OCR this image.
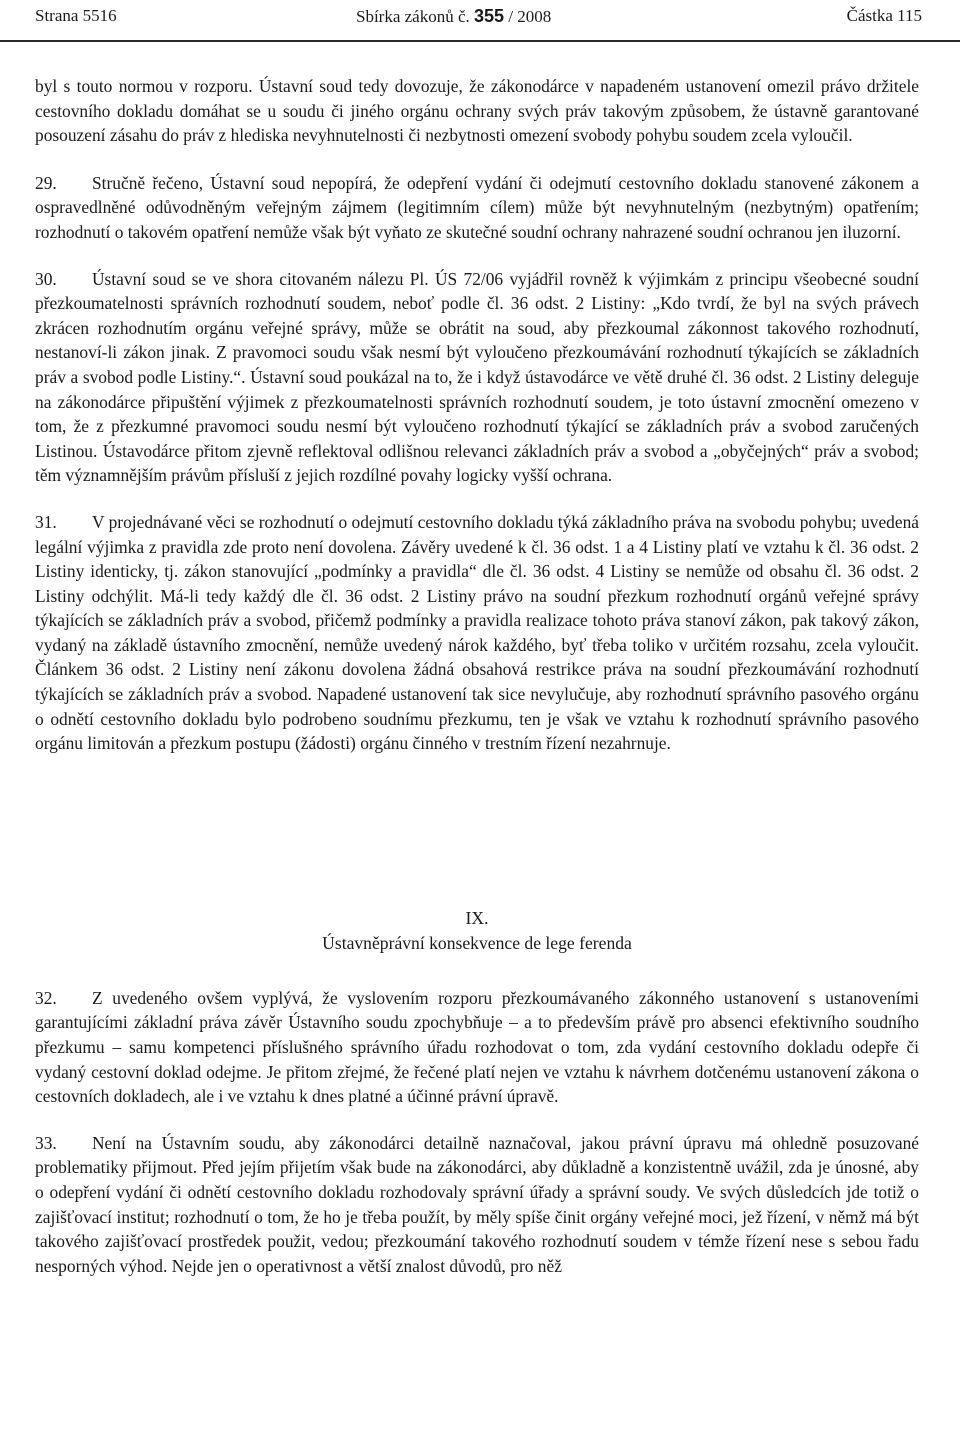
Strana 5516	Sbírka zákonů č. 355 / 2008	Částka 115

byl s touto normou v rozporu. Ústavní soud tedy dovozuje, že zákonodárce v napadeném ustanovení omezil právo držitele cestovního dokladu domáhat se u soudu či jiného orgánu ochrany svých práv takovým způsobem, že ústavně garantované posouzení zásahu do práv z hlediska nevyhnutelnosti či nezbytnosti omezení svobody pohybu soudem zcela vyloučil.

29. Stručně řečeno, Ústavní soud nepopírá, že odepření vydání či odejmutí cestovního dokladu stanovené zákonem a ospravedlněné odůvodněným veřejným zájmem (legitimním cílem) může být nevyhnutelným (nezbytným) opatřením; rozhodnutí o takovém opatření nemůže však být vyňato ze skutečné soudní ochrany nahrazené soudní ochranou jen iluzorní.

30. Ústavní soud se ve shora citovaném nálezu Pl. ÚS 72/06 vyjádřil rovněž k výjimkám z principu všeobecné soudní přezkoumatelnosti správních rozhodnutí soudem, neboť podle čl. 36 odst. 2 Listiny: „Kdo tvrdí, že byl na svých právech zkrácen rozhodnutím orgánu veřejné správy, může se obrátit na soud, aby přezkoumal zákonnost takového rozhodnutí, nestanoví-li zákon jinak. Z pravomoci soudu však nesmí být vyloučeno přezkoumávání rozhodnutí týkajících se základních práv a svobod podle Listiny.“. Ústavní soud poukázal na to, že i když ústavodárce ve větě druhé čl. 36 odst. 2 Listiny deleguje na zákonodárce připuštění výjimek z přezkoumatelnosti správních rozhodnutí soudem, je toto ústavní zmocnění omezeno v tom, že z přezkumné pravomoci soudu nesmí být vyloučeno rozhodnutí týkající se základních práv a svobod zaručených Listinou. Ústavodárce přitom zjevně reflektoval odlišnou relevanci základních práv a svobod a „obyčejných“ práv a svobod; těm významnějším právům přísluší z jejich rozdílné povahy logicky vyšší ochrana.

31. V projednávané věci se rozhodnutí o odejmutí cestovního dokladu týká základního práva na svobodu pohybu; uvedená legální výjimka z pravidla zde proto není dovolena. Závěry uvedené k čl. 36 odst. 1 a 4 Listiny platí ve vztahu k čl. 36 odst. 2 Listiny identicky, tj. zákon stanovující „podmínky a pravidla“ dle čl. 36 odst. 4 Listiny se nemůže od obsahu čl. 36 odst. 2 Listiny odchýlit. Má-li tedy každý dle čl. 36 odst. 2 Listiny právo na soudní přezkum rozhodnutí orgánů veřejné správy týkajících se základních práv a svobod, přičemž podmínky a pravidla realizace tohoto práva stanoví zákon, pak takový zákon, vydaný na základě ústavního zmocnění, nemůže uvedený nárok každého, byť třeba toliko v určitém rozsahu, zcela vyloučit. Článkem 36 odst. 2 Listiny není zákonu dovolena žádná obsahová restrikce práva na soudní přezkoumávání rozhodnutí týkajících se základních práv a svobod. Napadené ustanovení tak sice nevylučuje, aby rozhodnutí správního pasového orgánu o odnětí cestovního dokladu bylo podrobeno soudnímu přezkumu, ten je však ve vztahu k rozhodnutí správního pasového orgánu limitován a přezkum postupu (žádosti) orgánu činného v trestním řízení nezahrnuje.

IX.
Ústavněprávní konsekvence de lege ferenda

32. Z uvedeného ovšem vyplývá, že vyslovením rozporu přezkoumávaného zákonného ustanovení s ustanoveními garantujícími základní práva závěr Ústavního soudu zpochybňuje – a to především právě pro absenci efektivního soudního přezkumu – samu kompetenci příslušného správního úřadu rozhodovat o tom, zda vydání cestovního dokladu odepře či vydaný cestovní doklad odejme. Je přitom zřejmé, že řečené platí nejen ve vztahu k návrhem dotčenému ustanovení zákona o cestovních dokladech, ale i ve vztahu k dnes platné a účinné právní úpravě.

33. Není na Ústavním soudu, aby zákonodárci detailně naznačoval, jakou právní úpravu má ohledně posuzované problematiky přijmout. Před jejím přijetím však bude na zákonodárci, aby důkladně a konzistentně uvážil, zda je únosné, aby o odepření vydání či odnětí cestovního dokladu rozhodovaly správní úřady a správní soudy. Ve svých důsledcích jde totiž o zajišťovací institut; rozhodnutí o tom, že ho je třeba použít, by měly spíše činit orgány veřejné moci, jež řízení, v němž má být takového zajišťovací prostředek použit, vedou; přezkoumání takového rozhodnutí soudem v témže řízení nese s sebou řadu nesporných výhod. Nejde jen o operativnost a větší znalost důvodů, pro něž
